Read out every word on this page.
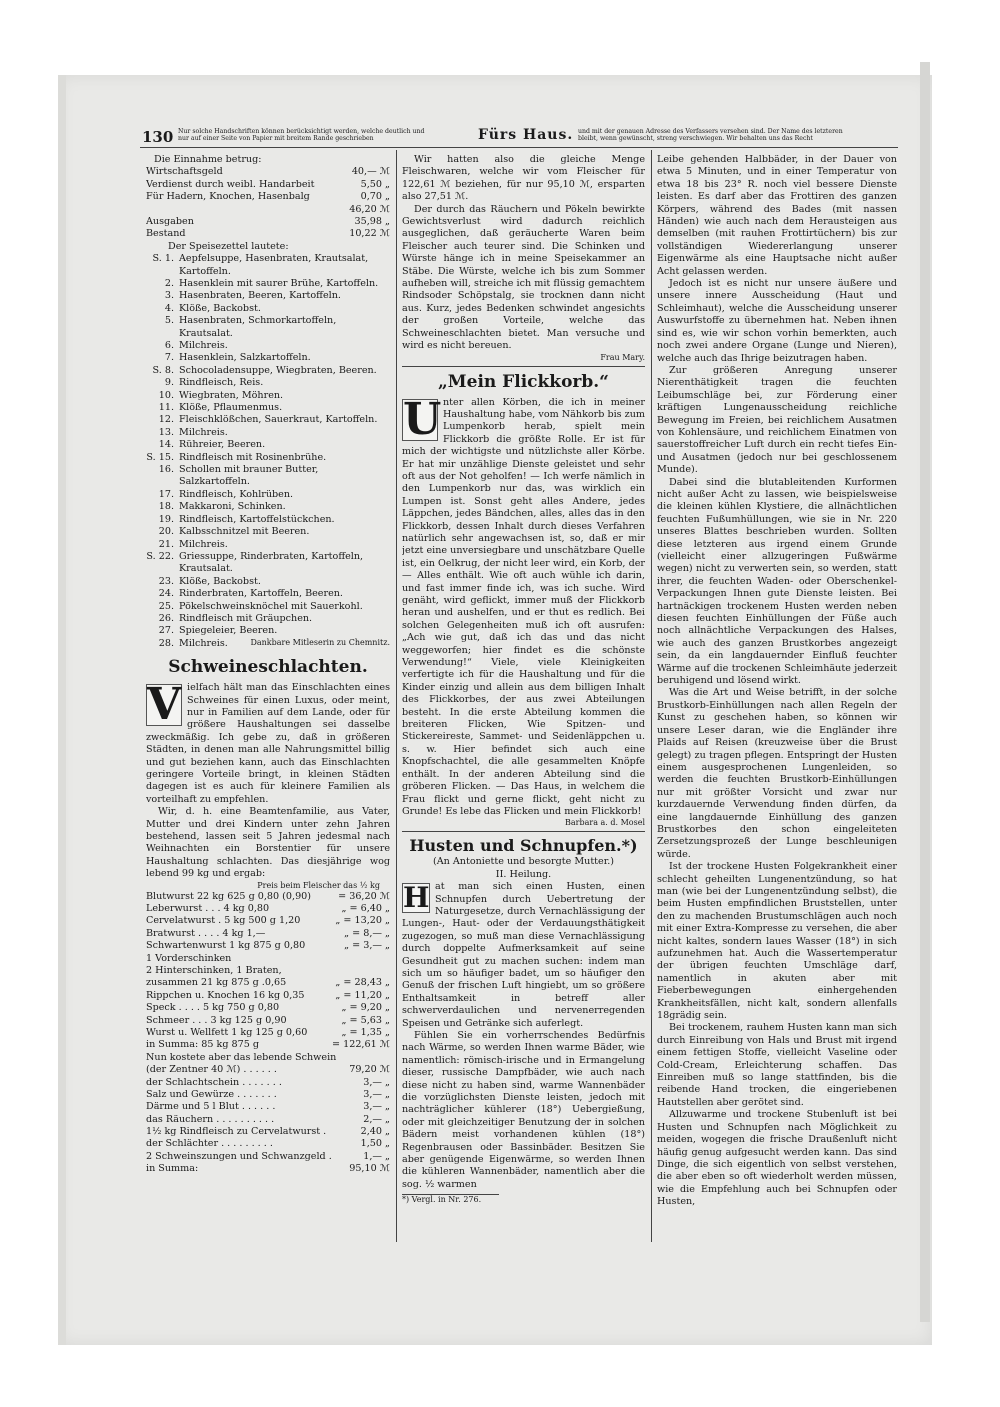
130 Nur solche Handschriften können berücksichtigt werden, welche deutlich und
nur auf einer Seite von Papier mit breitem Rande geschrieben	Fürs Haus. und mit der genauen Adresse des Verfassers versehen sind. Der Name des letzteren
bleibt, wenn gewünscht, streng verschwiegen. Wir behalten uns das Recht
Die Einnahme betrug:
Wirtschaftsgeld	40,— ℳ
Verdienst durch weibl. Handarbeit	5,50 „
Für Hadern, Knochen, Hasenbalg	0,70 „
46,20 ℳ
Ausgaben	35,98 „
Bestand	10,22 ℳ
Der Speisezettel lautete:
S. 1. Aepfelsuppe, Hasenbraten, Krautsalat, Kartoffeln.
2. Hasenklein mit saurer Brühe, Kartoffeln.
3. Hasenbraten, Beeren, Kartoffeln.
4. Klöße, Backobst.
5. Hasenbraten, Schmorkartoffeln, Krautsalat.
6. Milchreis.
7. Hasenklein, Salzkartoffeln.
S. 8. Schocoladensuppe, Wiegbraten, Beeren.
9. Rindfleisch, Reis.
10. Wiegbraten, Möhren.
11. Klöße, Pflaumenmus.
12. Fleischklößchen, Sauerkraut, Kartoffeln.
13. Milchreis.
14. Rühreier, Beeren.
S. 15. Rindfleisch mit Rosinenbrühe.
16. Schollen mit brauner Butter, Salzkartoffeln.
17. Rindfleisch, Kohlrüben.
18. Makkaroni, Schinken.
19. Rindfleisch, Kartoffelstückchen.
20. Kalbsschnitzel mit Beeren.
21. Milchreis.
S. 22. Griessuppe, Rinderbraten, Kartoffeln, Krautsalat.
23. Klöße, Backobst.
24. Rinderbraten, Kartoffeln, Beeren.
25. Pökelschweinsknöchel mit Sauerkohl.
26. Rindfleisch mit Gräupchen.
27. Spiegeleier, Beeren.
28. Milchreis.	Dankbare Mitleserin zu Chemnitz.
Schweineschlachten.
V ielfach hält man das Einschlachten eines Schweines für einen Luxus, oder meint, nur in Familien auf dem Lande, oder für größere Haushaltungen sei dasselbe zweckmäßig. Ich gebe zu, daß in größeren Städten, in denen man alle Nahrungsmittel billig und gut beziehen kann, auch das Einschlachten geringere Vorteile bringt, in kleinen Städten dagegen ist es auch für kleinere Familien als vorteilhaft zu empfehlen.

Wir, d. h. eine Beamtenfamilie, aus Vater, Mutter und drei Kindern unter zehn Jahren bestehend, lassen seit 5 Jahren jedesmal nach Weihnachten ein Borstentier für unsere Haushaltung schlachten. Das diesjährige wog lebend 99 kg und ergab:

Preis beim Fleischer das ½ kg
Blutwurst 22 kg 625 g 0,80 (0,90)	= 36,20 ℳ
Leberwurst . . . 4 kg 0,80	„ = 6,40 „
Cervelatwurst . 5 kg 500 g 1,20	„ = 13,20 „
Bratwurst . . . . 4 kg 1,—	„ = 8,— „
Schwartenwurst 1 kg 875 g 0,80	„ = 3,— „
1 Vorderschinken
2 Hinterschinken, 1 Braten,
zusammen 21 kg 875 g .0,65	„ = 28,43 „
Rippchen u. Knochen 16 kg 0,35	„ = 11,20 „
Speck . . . . 5 kg 750 g 0,80	„ = 9,20 „
Schmeer . . . 3 kg 125 g 0,90	„ = 5,63 „
Wurst u. Wellfett 1 kg 125 g 0,60	„ = 1,35 „
in Summa: 85 kg 875 g	= 122,61 ℳ
Nun kostete aber das lebende Schwein
(der Zentner 40 ℳ) . . . . . .	79,20 ℳ
der Schlachtschein . . . . . . .	3,— „
Salz und Gewürze . . . . . . .	3,— „
Därme und 5 l Blut . . . . . .	3,— „
das Räuchern . . . . . . . . . .	2,— „
1½ kg Rindfleisch zu Cervelatwurst .	2,40 „
der Schlächter . . . . . . . . .	1,50 „
2 Schweinszungen und Schwanzgeld .	1,— „
in Summa:	95,10 ℳ

Wir hatten also die gleiche Menge Fleischwaren, welche wir vom Fleischer für 122,61 ℳ beziehen, für nur 95,10 ℳ, ersparten also 27,51 ℳ.

Der durch das Räuchern und Pökeln bewirkte Gewichtsverlust wird dadurch reichlich ausgeglichen, daß geräucherte Waren beim Fleischer auch teurer sind. Die Schinken und Würste hänge ich in meine Speisekammer an Stäbe. Die Würste, welche ich bis zum Sommer aufheben will, streiche ich mit flüssig gemachtem Rindsoder Schöpstalg, sie trocknen dann nicht aus. Kurz, jedes Bedenken schwindet angesichts der großen Vorteile, welche das Schweineschlachten bietet. Man versuche und wird es nicht bereuen.

Frau Mary.
„Mein Flickkorb.“
U nter allen Körben, die ich in meiner Haushaltung habe, vom Nähkorb bis zum Lumpenkorb herab, spielt mein Flickkorb die größte Rolle. Er ist für mich der wichtigste und nützlichste aller Körbe. Er hat mir unzählige Dienste geleistet und sehr oft aus der Not geholfen! — Ich werfe nämlich in den Lumpenkorb nur das, was wirklich ein Lumpen ist. Sonst geht alles Andere, jedes Läppchen, jedes Bändchen, alles, alles das in den Flickkorb, dessen Inhalt durch dieses Verfahren natürlich sehr angewachsen ist, so, daß er mir jetzt eine unversiegbare und unschätzbare Quelle ist, ein Oelkrug, der nicht leer wird, ein Korb, der — Alles enthält. Wie oft auch wühle ich darin, und fast immer finde ich, was ich suche. Wird genäht, wird geflickt, immer muß der Flickkorb heran und aushelfen, und er thut es redlich. Bei solchen Gelegenheiten muß ich oft ausrufen: „Ach wie gut, daß ich das und das nicht weggeworfen; hier findet es die schönste Verwendung!“ Viele, viele Kleinigkeiten verfertigte ich für die Haushaltung und für die Kinder einzig und allein aus dem billigen Inhalt des Flickkorbes, der aus zwei Abteilungen besteht. In die erste Abteilung kommen die breiteren Flicken, Wie Spitzen- und Stickereireste, Sammet- und Seidenläppchen u. s. w. Hier befindet sich auch eine Knopfschachtel, die alle gesammelten Knöpfe enthält. In der anderen Abteilung sind die gröberen Flicken. — Das Haus, in welchem die Frau flickt und gerne flickt, geht nicht zu Grunde! Es lebe das Flicken und mein Flickkorb!

Barbara a. d. Mosel
Husten und Schnupfen.*)
(An Antoniette und besorgte Mutter.)
II. Heilung.
H at man sich einen Husten, einen Schnupfen durch Uebertretung der Naturgesetze, durch Vernachlässigung der Lungen-, Haut- oder der Verdauungsthätigkeit zugezogen, so muß man diese Vernachlässigung durch doppelte Aufmerksamkeit auf seine Gesundheit gut zu machen suchen: indem man sich um so häufiger badet, um so häufiger den Genuß der frischen Luft hingiebt, um so größere Enthaltsamkeit in betreff aller schwerverdaulichen und nervenerregenden Speisen und Getränke sich auferlegt.

Fühlen Sie ein vorherrschendes Bedürfnis nach Wärme, so werden Ihnen warme Bäder, wie namentlich: römisch-irische und in Ermangelung dieser, russische Dampfbäder, wie auch nach diese nicht zu haben sind, warme Wannenbäder die vorzüglichsten Dienste leisten, jedoch mit nachträglicher kühlerer (18°) Uebergießung, oder mit gleichzeitiger Benutzung der in solchen Bädern meist vorhandenen kühlen (18°) Regenbrausen oder Bassinbäder. Besitzen Sie aber genügende Eigenwärme, so werden Ihnen die kühleren Wannenbäder, namentlich aber die sog. ½ warmen

*) Vergl. in Nr. 276.

Leibe gehenden Halbbäder, in der Dauer von etwa 5 Minuten, und in einer Temperatur von etwa 18 bis 23° R. noch viel bessere Dienste leisten. Es darf aber das Frottiren des ganzen Körpers, während des Bades (mit nassen Händen) wie auch nach dem Herausteigen aus demselben (mit rauhen Frottirtüchern) bis zur vollständigen Wiedererlangung unserer Eigenwärme als eine Hauptsache nicht außer Acht gelassen werden.

Jedoch ist es nicht nur unsere äußere und unsere innere Ausscheidung (Haut und Schleimhaut), welche die Ausscheidung unserer Auswurfstoffe zu übernehmen hat. Neben ihnen sind es, wie wir schon vorhin bemerkten, auch noch zwei andere Organe (Lunge und Nieren), welche auch das Ihrige beizutragen haben.

Zur größeren Anregung unserer Nierenthätigkeit tragen die feuchten Leibumschläge bei, zur Förderung einer kräftigen Lungenausscheidung reichliche Bewegung im Freien, bei reichlichem Ausatmen von Kohlensäure, und reichlichem Einatmen von sauerstoffreicher Luft durch ein recht tiefes Ein- und Ausatmen (jedoch nur bei geschlossenem Munde).

Dabei sind die blutableitenden Kurformen nicht außer Acht zu lassen, wie beispielsweise die kleinen kühlen Klystiere, die allnächtlichen feuchten Fußumhüllungen, wie sie in Nr. 220 unseres Blattes beschrieben wurden. Sollten diese letzteren aus irgend einem Grunde (vielleicht einer allzugeringen Fußwärme wegen) nicht zu verwerten sein, so werden, statt ihrer, die feuchten Waden- oder Oberschenkel-Verpackungen Ihnen gute Dienste leisten. Bei hartnäckigen trockenem Husten werden neben diesen feuchten Einhüllungen der Füße auch noch allnächtliche Verpackungen des Halses, wie auch des ganzen Brustkorbes angezeigt sein, da ein langdauernder Einfluß feuchter Wärme auf die trockenen Schleimhäute jederzeit beruhigend und lösend wirkt.

Was die Art und Weise betrifft, in der solche Brustkorb-Einhüllungen nach allen Regeln der Kunst zu geschehen haben, so können wir unsere Leser daran, wie die Engländer ihre Plaids auf Reisen (kreuzweise über die Brust gelegt) zu tragen pflegen. Entspringt der Husten einem ausgesprochenen Lungenleiden, so werden die feuchten Brustkorb-Einhüllungen nur mit größter Vorsicht und zwar nur kurzdauernde Verwendung finden dürfen, da eine langdauernde Einhüllung des ganzen Brustkorbes den schon eingeleiteten Zersetzungsprozeß der Lunge beschleunigen würde.

Ist der trockene Husten Folgekrankheit einer schlecht geheilten Lungenentzündung, so hat man (wie bei der Lungenentzündung selbst), die beim Husten empfindlichen Bruststellen, unter den zu machenden Brustumschlägen auch noch mit einer Extra-Kompresse zu versehen, die aber nicht kaltes, sondern laues Wasser (18°) in sich aufzunehmen hat. Auch die Wassertemperatur der übrigen feuchten Umschläge darf, namentlich in akuten aber mit Fieberbewegungen einhergehenden Krankheitsfällen, nicht kalt, sondern allenfalls 18grädig sein.

Bei trockenem, rauhem Husten kann man sich durch Einreibung von Hals und Brust mit irgend einem fettigen Stoffe, vielleicht Vaseline oder Cold-Cream, Erleichterung schaffen. Das Einreiben muß so lange stattfinden, bis die reibende Hand trocken, die eingeriebenen Hautstellen aber gerötet sind.

Allzuwarme und trockene Stubenluft ist bei Husten und Schnupfen nach Möglichkeit zu meiden, wogegen die frische Draußenluft nicht häufig genug aufgesucht werden kann. Das sind Dinge, die sich eigentlich von selbst verstehen, die aber eben so oft wiederholt werden müssen, wie die Empfehlung auch bei Schnupfen oder Husten,
